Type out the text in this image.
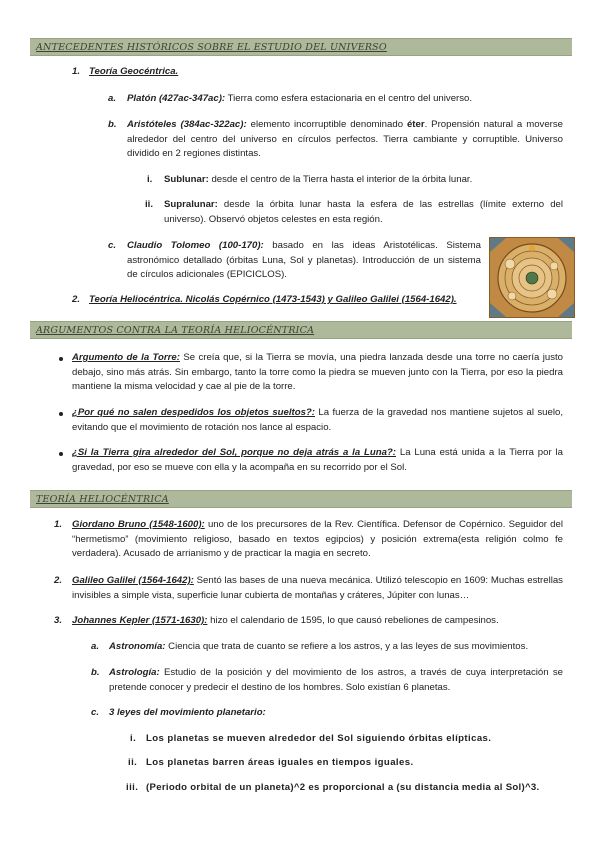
ANTECEDENTES HISTÓRICOS SOBRE EL ESTUDIO DEL UNIVERSO
1. Teoría Geocéntrica.
a. Platón (427ac-347ac): Tierra como esfera estacionaria en el centro del universo.
b. Aristóteles (384ac-322ac): elemento incorruptible denominado éter. Propensión natural a moverse alrededor del centro del universo en círculos perfectos. Tierra cambiante y corruptible. Universo dividido en 2 regiones distintas.
i. Sublunar: desde el centro de la Tierra hasta el interior de la órbita lunar.
ii. Supralunar: desde la órbita lunar hasta la esfera de las estrellas (límite externo del universo). Observó objetos celestes en esta región.
c. Claudio Tolomeo (100-170): basado en las ideas Aristotélicas. Sistema astronómico detallado (órbitas Luna, Sol y planetas). Introducción de un sistema de círculos adicionales (EPICICLOS).
2. Teoría Heliocéntrica. Nicolás Copérnico (1473-1543) y Galileo Galilei (1564-1642).
ARGUMENTOS CONTRA LA TEORÍA HELIOCÉNTRICA
Argumento de la Torre: Se creía que, si la Tierra se movía, una piedra lanzada desde una torre no caería justo debajo, sino más atrás. Sin embargo, tanto la torre como la piedra se mueven junto con la Tierra, por eso la piedra mantiene la misma velocidad y cae al pie de la torre.
¿Por qué no salen despedidos los objetos sueltos?: La fuerza de la gravedad nos mantiene sujetos al suelo, evitando que el movimiento de rotación nos lance al espacio.
¿Si la Tierra gira alrededor del Sol, porque no deja atrás a la Luna?: La Luna está unida a la Tierra por la gravedad, por eso se mueve con ella y la acompaña en su recorrido por el Sol.
TEORÍA HELIOCÉNTRICA
1. Giordano Bruno (1548-1600): uno de los precursores de la Rev. Científica. Defensor de Copérnico. Seguidor del “hermetismo” (movimiento religioso, basado en textos egipcios) y posición extrema(esta religión colmo fe verdadera). Acusado de arrianismo y de practicar la magia en secreto.
2. Galileo Galilei (1564-1642): Sentó las bases de una nueva mecánica. Utilizó telescopio en 1609: Muchas estrellas invisibles a simple vista, superficie lunar cubierta de montañas y cráteres, Júpiter con lunas…
3. Johannes Kepler (1571-1630): hizo el calendario de 1595, lo que causó rebeliones de campesinos.
a. Astronomía: Ciencia que trata de cuanto se refiere a los astros, y a las leyes de sus movimientos.
b. Astrología: Estudio de la posición y del movimiento de los astros, a través de cuya interpretación se pretende conocer y predecir el destino de los hombres. Solo existían 6 planetas.
c. 3 leyes del movimiento planetario:
i. Los planetas se mueven alrededor del Sol siguiendo órbitas elípticas.
ii. Los planetas barren áreas iguales en tiempos iguales.
iii. (Periodo orbital de un planeta)^2 es proporcional a (su distancia media al Sol)^3.
